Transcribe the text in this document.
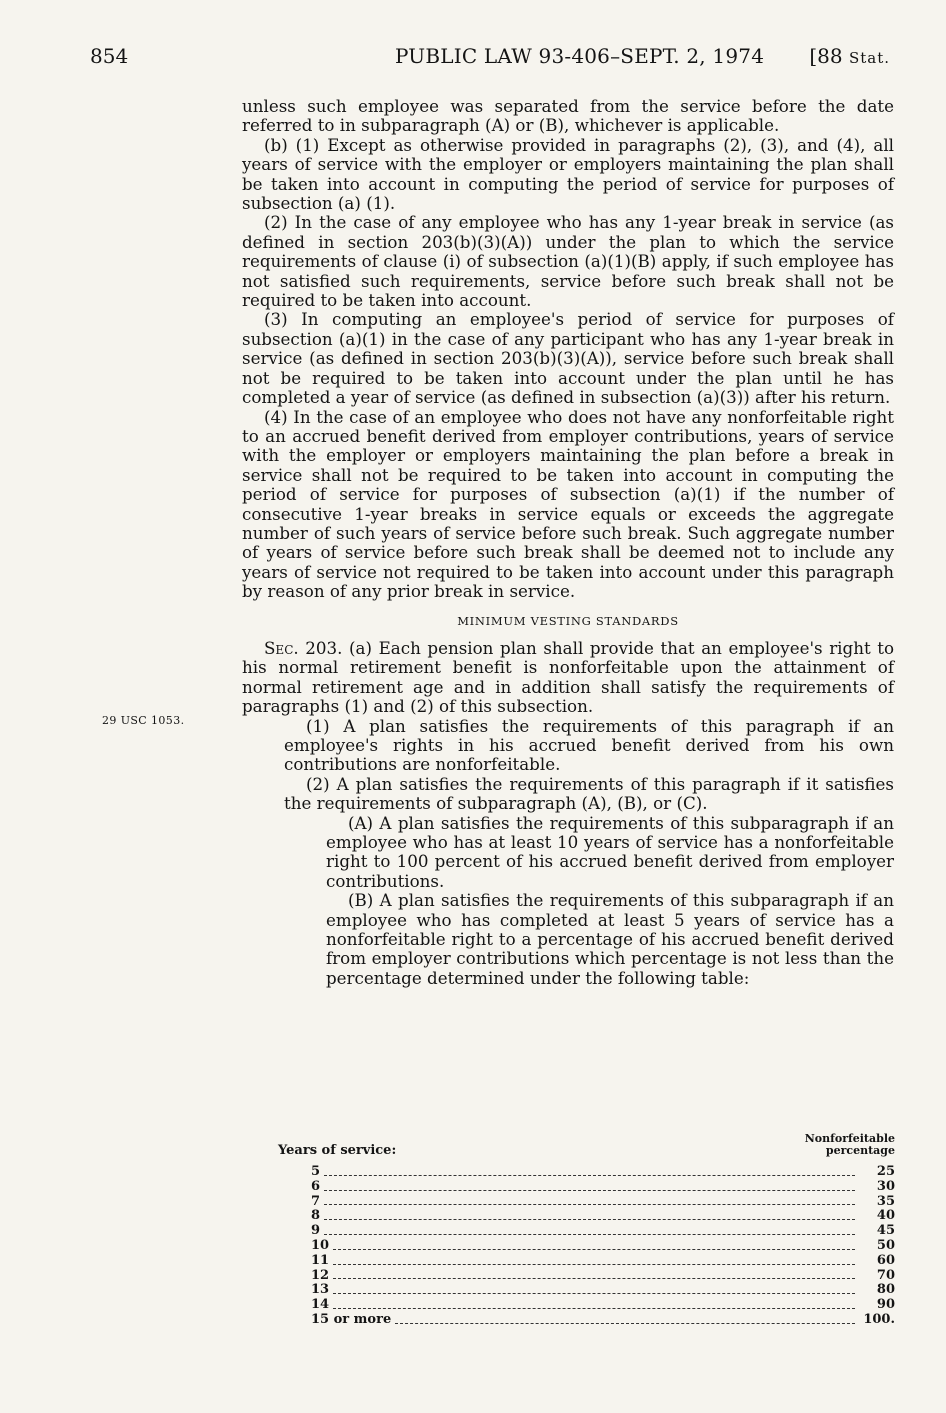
854	PUBLIC LAW 93-406–SEPT. 2, 1974 [88 Stat.
29 USC 1053.

unless such employee was separated from the service before the date referred to in subparagraph (A) or (B), whichever is applicable.

(b) (1) Except as otherwise provided in paragraphs (2), (3), and (4), all years of service with the employer or employers maintaining the plan shall be taken into account in computing the period of service for purposes of subsection (a) (1).

(2) In the case of any employee who has any 1-year break in service (as defined in section 203(b)(3)(A)) under the plan to which the service requirements of clause (i) of subsection (a)(1)(B) apply, if such employee has not satisfied such requirements, service before such break shall not be required to be taken into account.

(3) In computing an employee's period of service for purposes of subsection (a)(1) in the case of any participant who has any 1-year break in service (as defined in section 203(b)(3)(A)), service before such break shall not be required to be taken into account under the plan until he has completed a year of service (as defined in subsection (a)(3)) after his return.

(4) In the case of an employee who does not have any nonforfeitable right to an accrued benefit derived from employer contributions, years of service with the employer or employers maintaining the plan before a break in service shall not be required to be taken into account in computing the period of service for purposes of subsection (a)(1) if the number of consecutive 1-year breaks in service equals or exceeds the aggregate number of such years of service before such break. Such aggregate number of years of service before such break shall be deemed not to include any years of service not required to be taken into account under this paragraph by reason of any prior break in service.

MINIMUM VESTING STANDARDS

Sec. 203. (a) Each pension plan shall provide that an employee's right to his normal retirement benefit is nonforfeitable upon the attainment of normal retirement age and in addition shall satisfy the requirements of paragraphs (1) and (2) of this subsection.

(1) A plan satisfies the requirements of this paragraph if an employee's rights in his accrued benefit derived from his own contributions are nonforfeitable.

(2) A plan satisfies the requirements of this paragraph if it satisfies the requirements of subparagraph (A), (B), or (C).

(A) A plan satisfies the requirements of this subparagraph if an employee who has at least 10 years of service has a nonforfeitable right to 100 percent of his accrued benefit derived from employer contributions.

(B) A plan satisfies the requirements of this subparagraph if an employee who has completed at least 5 years of service has a nonforfeitable right to a percentage of his accrued benefit derived from employer contributions which percentage is not less than the percentage determined under the following table:

Years of service:
Nonforfeitable
percentage
5	25
6	30
7	35
8	40
9	45
10	50
11	60
12	70
13	80
14	90
15 or more	100.
